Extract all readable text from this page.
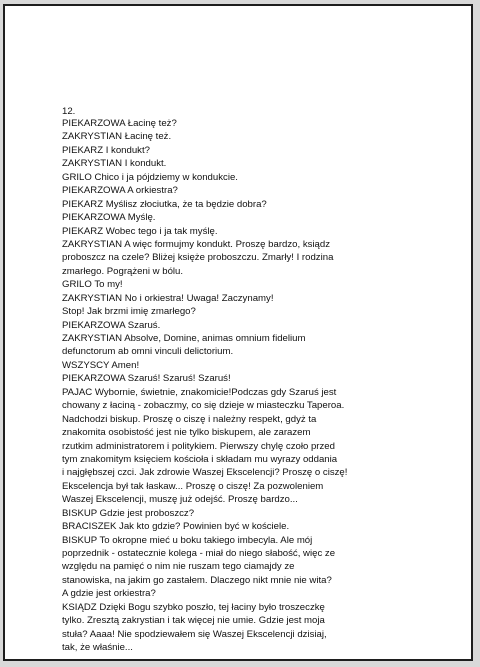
12.
PIEKARZOWA Łacinę też?
ZAKRYSTIAN Łacinę też.
PIEKARZ I kondukt?
ZAKRYSTIAN I kondukt.
GRILO Chico i ja pójdziemy w kondukcie.
PIEKARZOWA A orkiestra?
PIEKARZ Myślisz złociutka, że ta będzie dobra?
PIEKARZOWA Myślę.
PIEKARZ Wobec tego i ja tak myślę.
ZAKRYSTIAN A więc formujmy kondukt. Proszę bardzo, ksiądz
proboszcz na czele? Bliżej księże proboszczu. Zmarły! I rodzina
zmarłego. Pogrążeni w bólu.
GRILO To my!
ZAKRYSTIAN No i orkiestra! Uwaga! Zaczynamy!
Stop! Jak brzmi imię zmarłego?
PIEKARZOWA Szaruś.
ZAKRYSTIAN Absolve, Domine, animas omnium fidelium
defunctorum ab omni vinculi delictorium.
WSZYSCY Amen!
PIEKARZOWA Szaruś! Szaruś! Szaruś!
PAJAC Wybornie, świetnie, znakomicie!Podczas gdy Szaruś jest
chowany z łaciną - zobaczmy, co się dzieje w miasteczku Taperoa.
Nadchodzi biskup. Proszę o ciszę i należny respekt, gdyż ta
znakomita osobistość jest nie tylko biskupem, ale zarazem
rzutkim administratorem i politykiem. Pierwszy chylę czoło przed
tym znakomitym księciem kościoła i składam mu wyrazy oddania
i najgłębszej czci. Jak zdrowie Waszej Ekscelencji? Proszę o ciszę!
Ekscelencja był tak łaskaw... Proszę o ciszę! Za pozwoleniem
Waszej Ekscelencji, muszę już odejść. Proszę bardzo...
BISKUP Gdzie jest proboszcz?
BRACISZEK Jak kto gdzie? Powinien być w kościele.
BISKUP To okropne mieć u boku takiego imbecyla. Ale mój
poprzednik - ostatecznie kolega - miał do niego słabość, więc ze
względu na pamięć o nim nie ruszam tego ciamajdy ze
stanowiska, na jakim go zastałem. Dlaczego nikt mnie nie wita?
A gdzie jest orkiestra?
KSIĄDZ Dzięki Bogu szybko poszło, tej łaciny było troszeczkę
tylko. Zresztą zakrystian i tak więcej nie umie. Gdzie jest moja
stuła? Aaaa! Nie spodziewałem się Waszej Ekscelencji dzisiaj,
tak, że właśnie...
